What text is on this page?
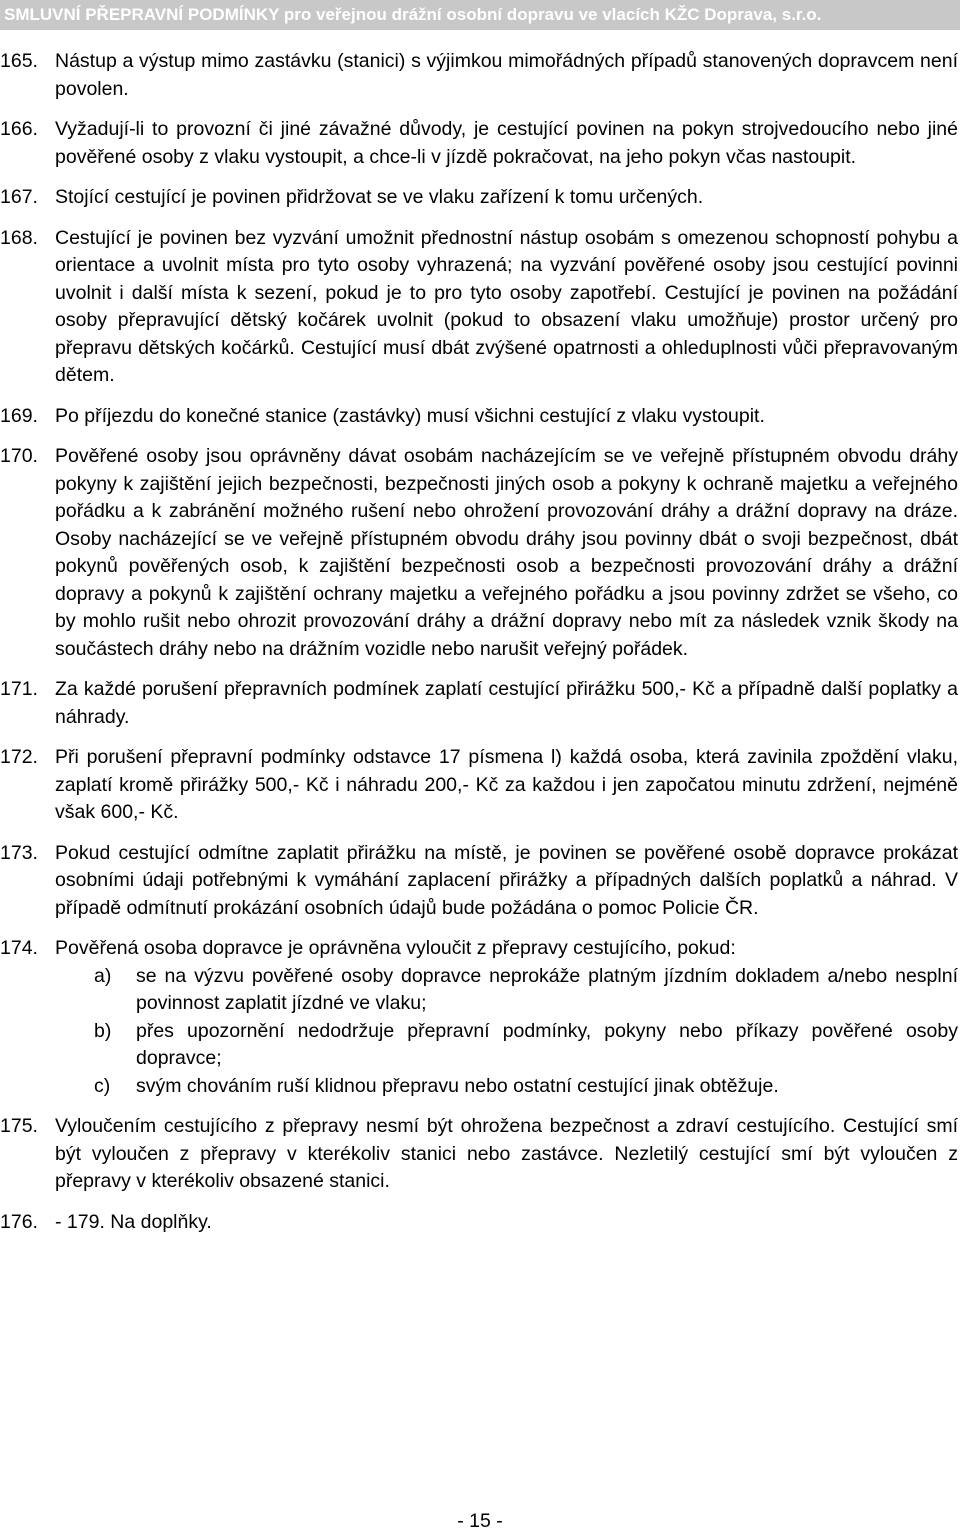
SMLUVNÍ PŘEPRAVNÍ PODMÍNKY pro veřejnou drážní osobní dopravu ve vlacích KŽC Doprava, s.r.o.
165. Nástup a výstup mimo zastávku (stanici) s výjimkou mimořádných případů stanovených dopravcem není povolen.
166. Vyžadují-li to provozní či jiné závažné důvody, je cestující povinen na pokyn strojvedoucího nebo jiné pověřené osoby z vlaku vystoupit, a chce-li v jízdě pokračovat, na jeho pokyn včas nastoupit.
167. Stojící cestující je povinen přidržovat se ve vlaku zařízení k tomu určených.
168. Cestující je povinen bez vyzvání umožnit přednostní nástup osobám s omezenou schopností pohybu a orientace a uvolnit místa pro tyto osoby vyhrazená; na vyzvání pověřené osoby jsou cestující povinni uvolnit i další místa k sezení, pokud je to pro tyto osoby zapotřebí. Cestující je povinen na požádání osoby přepravující dětský kočárek uvolnit (pokud to obsazení vlaku umožňuje) prostor určený pro přepravu dětských kočárků. Cestující musí dbát zvýšené opatrnosti a ohleduplnosti vůči přepravovaným dětem.
169. Po příjezdu do konečné stanice (zastávky) musí všichni cestující z vlaku vystoupit.
170. Pověřené osoby jsou oprávněny dávat osobám nacházejícím se ve veřejně přístupném obvodu dráhy pokyny k zajištění jejich bezpečnosti, bezpečnosti jiných osob a pokyny k ochraně majetku a veřejného pořádku a k zabránění možného rušení nebo ohrožení provozování dráhy a drážní dopravy na dráze. Osoby nacházející se ve veřejně přístupném obvodu dráhy jsou povinny dbát o svoji bezpečnost, dbát pokynů pověřených osob, k zajištění bezpečnosti osob a bezpečnosti provozování dráhy a drážní dopravy a pokynů k zajištění ochrany majetku a veřejného pořádku a jsou povinny zdržet se všeho, co by mohlo rušit nebo ohrozit provozování dráhy a drážní dopravy nebo mít za následek vznik škody na součástech dráhy nebo na drážním vozidle nebo narušit veřejný pořádek.
171. Za každé porušení přepravních podmínek zaplatí cestující přirážku 500,- Kč a případně další poplatky a náhrady.
172. Při porušení přepravní podmínky odstavce 17 písmena l) každá osoba, která zavinila zpoždění vlaku, zaplatí kromě přirážky 500,- Kč i náhradu 200,- Kč za každou i jen započatou minutu zdržení, nejméně však 600,- Kč.
173. Pokud cestující odmítne zaplatit přirážku na místě, je povinen se pověřené osobě dopravce prokázat osobními údaji potřebnými k vymáhání zaplacení přirážky a případných dalších poplatků a náhrad. V případě odmítnutí prokázání osobních údajů bude požádána o pomoc Policie ČR.
174. Pověřená osoba dopravce je oprávněna vyloučit z přepravy cestujícího, pokud:
a)	se na výzvu pověřené osoby dopravce neprokáže platným jízdním dokladem a/nebo nesplní povinnost zaplatit jízdné ve vlaku;
b)	přes upozornění nedodržuje přepravní podmínky, pokyny nebo příkazy pověřené osoby dopravce;
c)	svým chováním ruší klidnou přepravu nebo ostatní cestující jinak obtěžuje.
175. Vyloučením cestujícího z přepravy nesmí být ohrožena bezpečnost a zdraví cestujícího. Cestující smí být vyloučen z přepravy v kterékoliv stanici nebo zastávce. Nezletilý cestující smí být vyloučen z přepravy v kterékoliv obsazené stanici.
176. - 179. Na doplňky.
- 15 -
